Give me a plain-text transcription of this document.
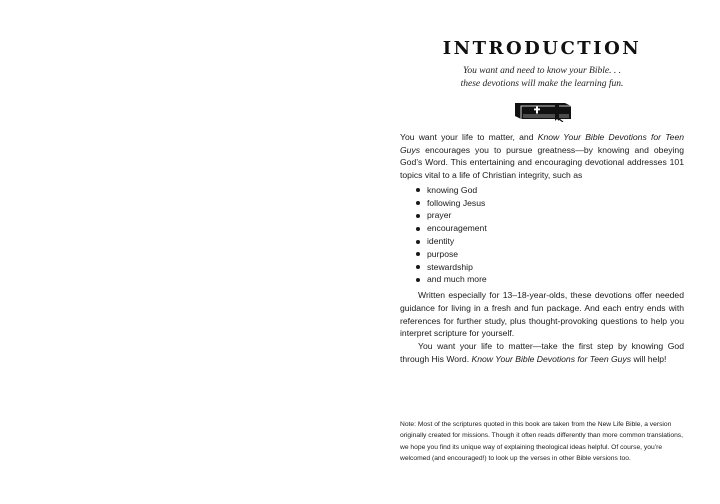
INTRODUCTION
You want and need to know your Bible. . .
these devotions will make the learning fun.

You want your life to matter, and Know Your Bible Devotions for Teen Guys encourages you to pursue greatness—by knowing and obeying God’s Word. This entertaining and encouraging devotional addresses 101 topics vital to a life of Christian integrity, such as

knowing God
following Jesus
prayer
encouragement
identity
purpose
stewardship
and much more

Written especially for 13–18-year-olds, these devotions offer needed guidance for living in a fresh and fun package. And each entry ends with references for further study, plus thought-provoking questions to help you interpret scripture for yourself.

You want your life to matter—take the first step by knowing God through His Word. Know Your Bible Devotions for Teen Guys will help!

Note: Most of the scriptures quoted in this book are taken from the New Life Bible, a version originally created for missions. Though it often reads differently than more common translations, we hope you find its unique way of explaining theological ideas helpful. Of course, you’re welcomed (and encouraged!) to look up the verses in other Bible versions too.
